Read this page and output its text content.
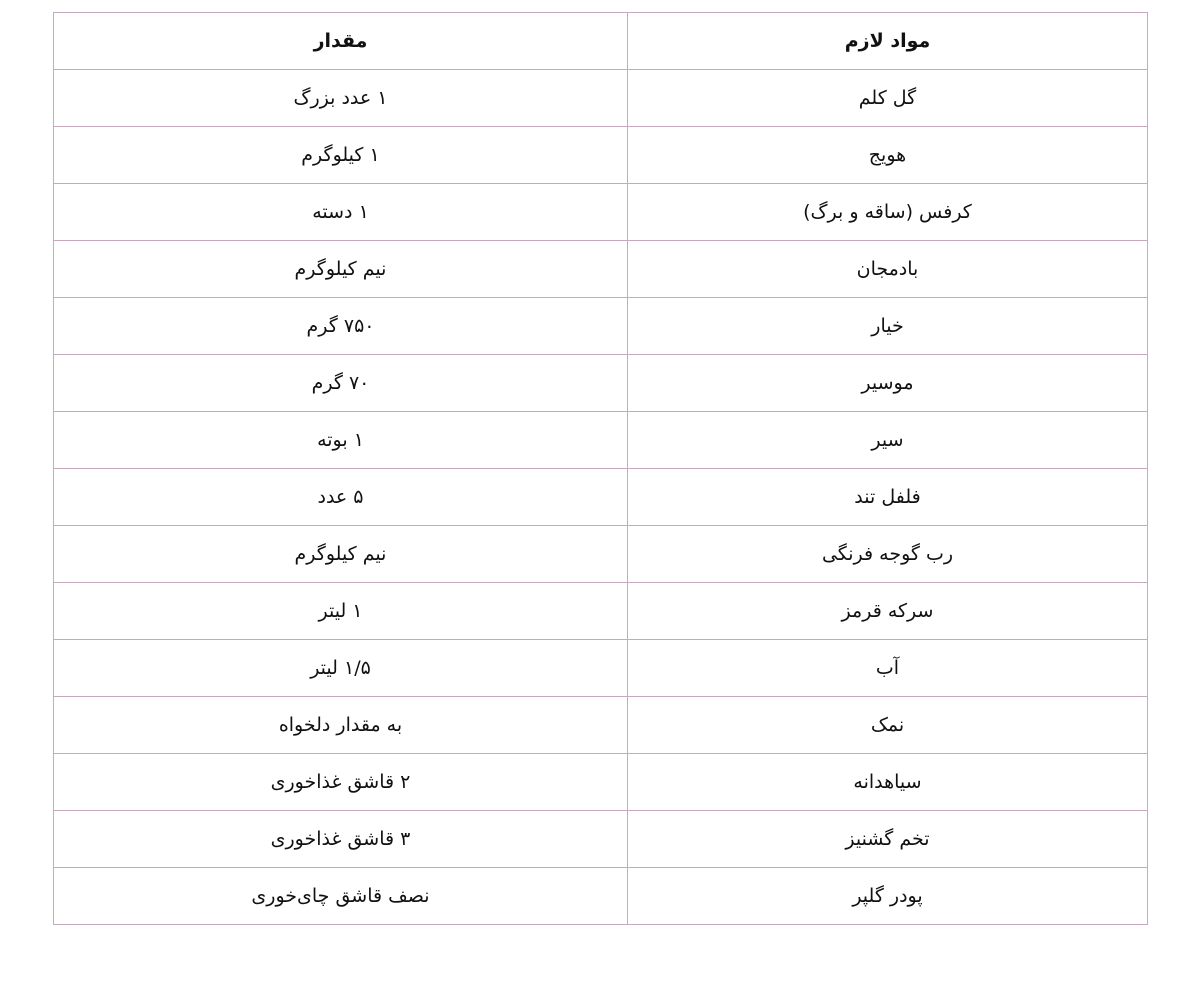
مواد لازم	مقدار
گل کلم	۱ عدد بزرگ
هویج	۱ کیلوگرم
کرفس (ساقه و برگ)	۱ دسته
بادمجان	نیم کیلوگرم
خیار	۷۵۰ گرم
موسیر	۷۰ گرم
سیر	۱ بوته
فلفل تند	۵ عدد
رب گوجه فرنگی	نیم کیلوگرم
سرکه قرمز	۱ لیتر
آب	۱/۵ لیتر
نمک	به مقدار دلخواه
سیاهدانه	۲ قاشق غذاخوری
تخم گشنیز	۳ قاشق غذاخوری
پودر گلپر	نصف قاشق چای‌خوری
